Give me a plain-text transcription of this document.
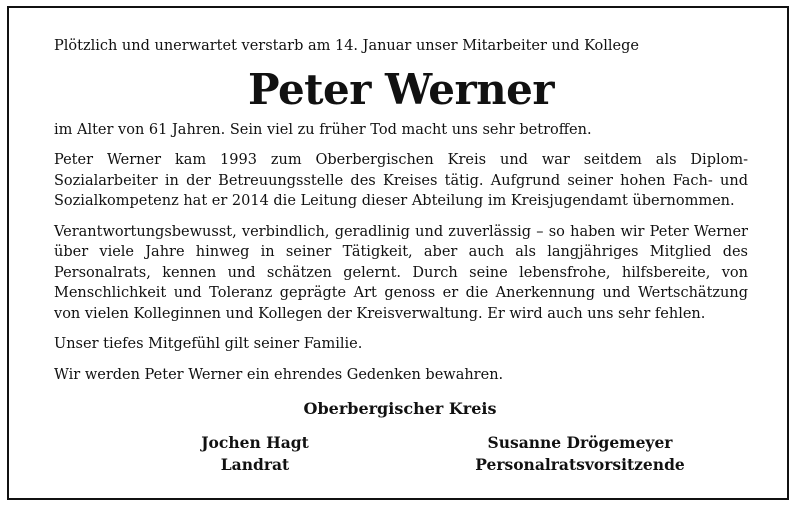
Plötzlich und unerwartet verstarb am 14. Januar unser Mitarbeiter und Kollege

Peter Werner

im Alter von 61 Jahren. Sein viel zu früher Tod macht uns sehr betroffen.

Peter Werner kam 1993 zum Oberbergischen Kreis und war seitdem als Diplom-Sozialarbeiter in der Betreuungsstelle des Kreises tätig. Aufgrund seiner hohen Fach- und Sozialkompetenz hat er 2014 die Leitung dieser Abteilung im Kreisjugendamt übernommen.

Verantwortungsbewusst, verbindlich, geradlinig und zuverlässig – so haben wir Peter Werner über viele Jahre hinweg in seiner Tätigkeit, aber auch als langjähriges Mitglied des Personalrats, kennen und schätzen gelernt. Durch seine lebensfrohe, hilfsbereite, von Menschlichkeit und Toleranz geprägte Art genoss er die Anerkennung und Wertschätzung von vielen Kolleginnen und Kollegen der Kreisverwaltung. Er wird auch uns sehr fehlen.

Unser tiefes Mitgefühl gilt seiner Familie.

Wir werden Peter Werner ein ehrendes Gedenken bewahren.

Oberbergischer Kreis
Jochen Hagt
Landrat
Susanne Drögemeyer
Personalratsvorsitzende
